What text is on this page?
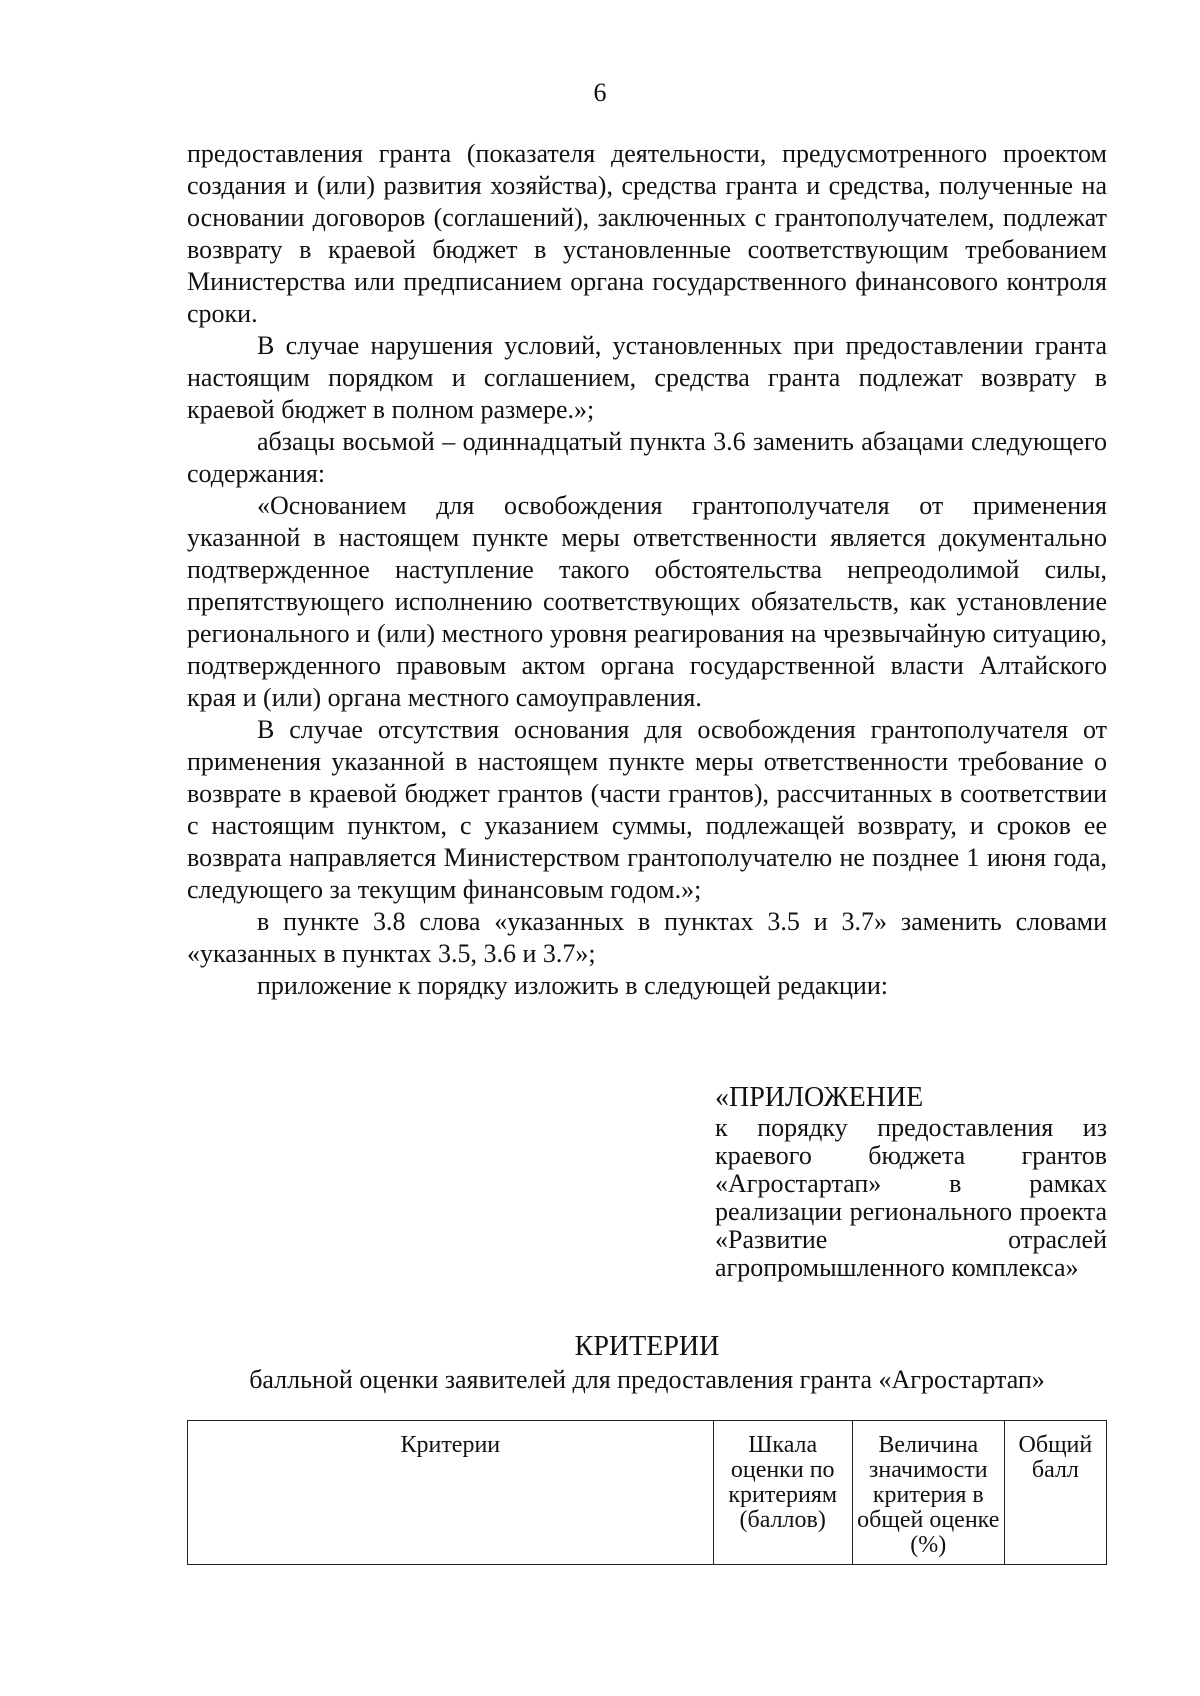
6

предоставления гранта (показателя деятельности, предусмотренного проектом создания и (или) развития хозяйства), средства гранта и средства, полученные на основании договоров (соглашений), заключенных с грантополучателем, подлежат возврату в краевой бюджет в установленные соответствующим требованием Министерства или предписанием органа государственного финансового контроля сроки.

В случае нарушения условий, установленных при предоставлении гранта настоящим порядком и соглашением, средства гранта подлежат возврату в краевой бюджет в полном размере.»;

абзацы восьмой – одиннадцатый пункта 3.6 заменить абзацами следующего содержания:

«Основанием для освобождения грантополучателя от применения указанной в настоящем пункте меры ответственности является документально подтвержденное наступление такого обстоятельства непреодолимой силы, препятствующего исполнению соответствующих обязательств, как установление регионального и (или) местного уровня реагирования на чрезвычайную ситуацию, подтвержденного правовым актом органа государственной власти Алтайского края и (или) органа местного самоуправления.

В случае отсутствия основания для освобождения грантополучателя от применения указанной в настоящем пункте меры ответственности требование о возврате в краевой бюджет грантов (части грантов), рассчитанных в соответствии с настоящим пунктом, с указанием суммы, подлежащей возврату, и сроков ее возврата направляется Министерством грантополучателю не позднее 1 июня года, следующего за текущим финансовым годом.»;

в пункте 3.8 слова «указанных в пунктах 3.5 и 3.7» заменить словами «указанных в пунктах 3.5, 3.6 и 3.7»;

приложение к порядку изложить в следующей редакции:

«ПРИЛОЖЕНИЕ

к порядку предоставления из краевого бюджета грантов «Агростартап» в рамках реализации регионального проекта «Развитие отраслей агропромышленного комплекса»

КРИТЕРИИ

балльной оценки заявителей для предоставления гранта «Агростартап»

Критерии	Шкала оценки по критериям (баллов)	Величина значимости критерия в общей оценке (%)	Общий балл
